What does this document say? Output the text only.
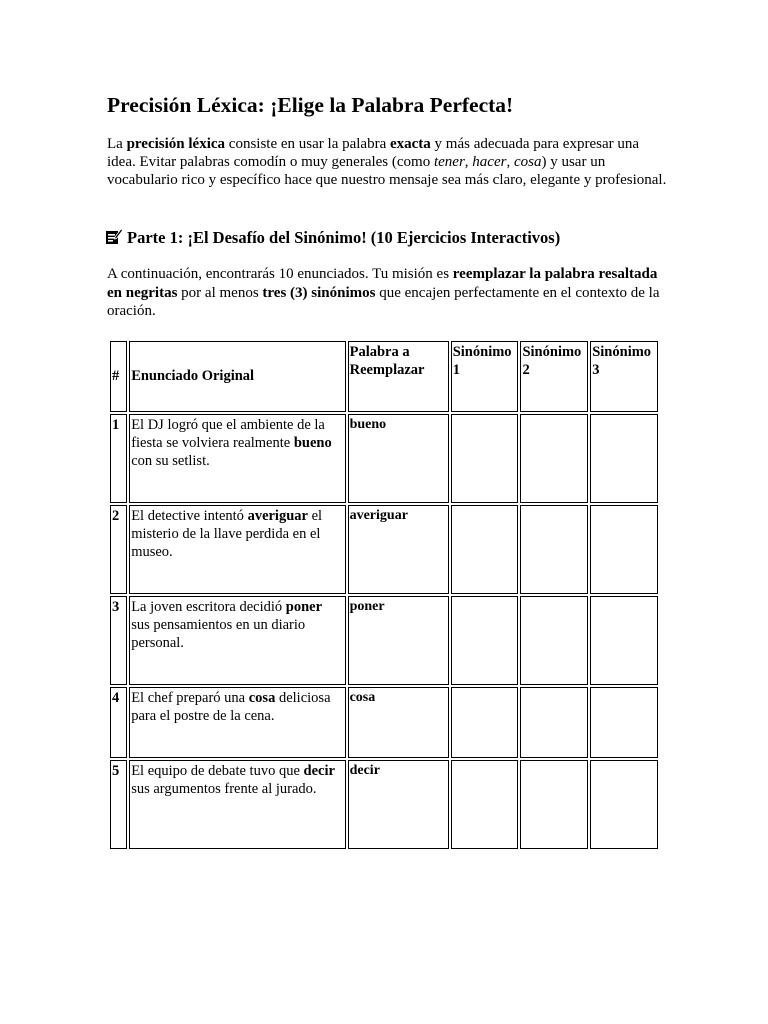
Precisión Léxica: ¡Elige la Palabra Perfecta!

La precisión léxica consiste en usar la palabra exacta y más adecuada para expresar una idea. Evitar palabras comodín o muy generales (como tener, hacer, cosa) y usar un vocabulario rico y específico hace que nuestro mensaje sea más claro, elegante y profesional.

Parte 1: ¡El Desafío del Sinónimo! (10 Ejercicios Interactivos)

A continuación, encontrarás 10 enunciados. Tu misión es reemplazar la palabra resaltada en negritas por al menos tres (3) sinónimos que encajen perfectamente en el contexto de la oración.

#	Enunciado Original	Palabra a Reemplazar	Sinónimo 1	Sinónimo 2	Sinónimo 3
1	El DJ logró que el ambiente de la fiesta se volviera realmente bueno con su setlist.	bueno			
2	El detective intentó averiguar el misterio de la llave perdida en el museo.	averiguar			
3	La joven escritora decidió poner sus pensamientos en un diario personal.	poner			
4	El chef preparó una cosa deliciosa para el postre de la cena.	cosa			
5	El equipo de debate tuvo que decir sus argumentos frente al jurado.	decir			
